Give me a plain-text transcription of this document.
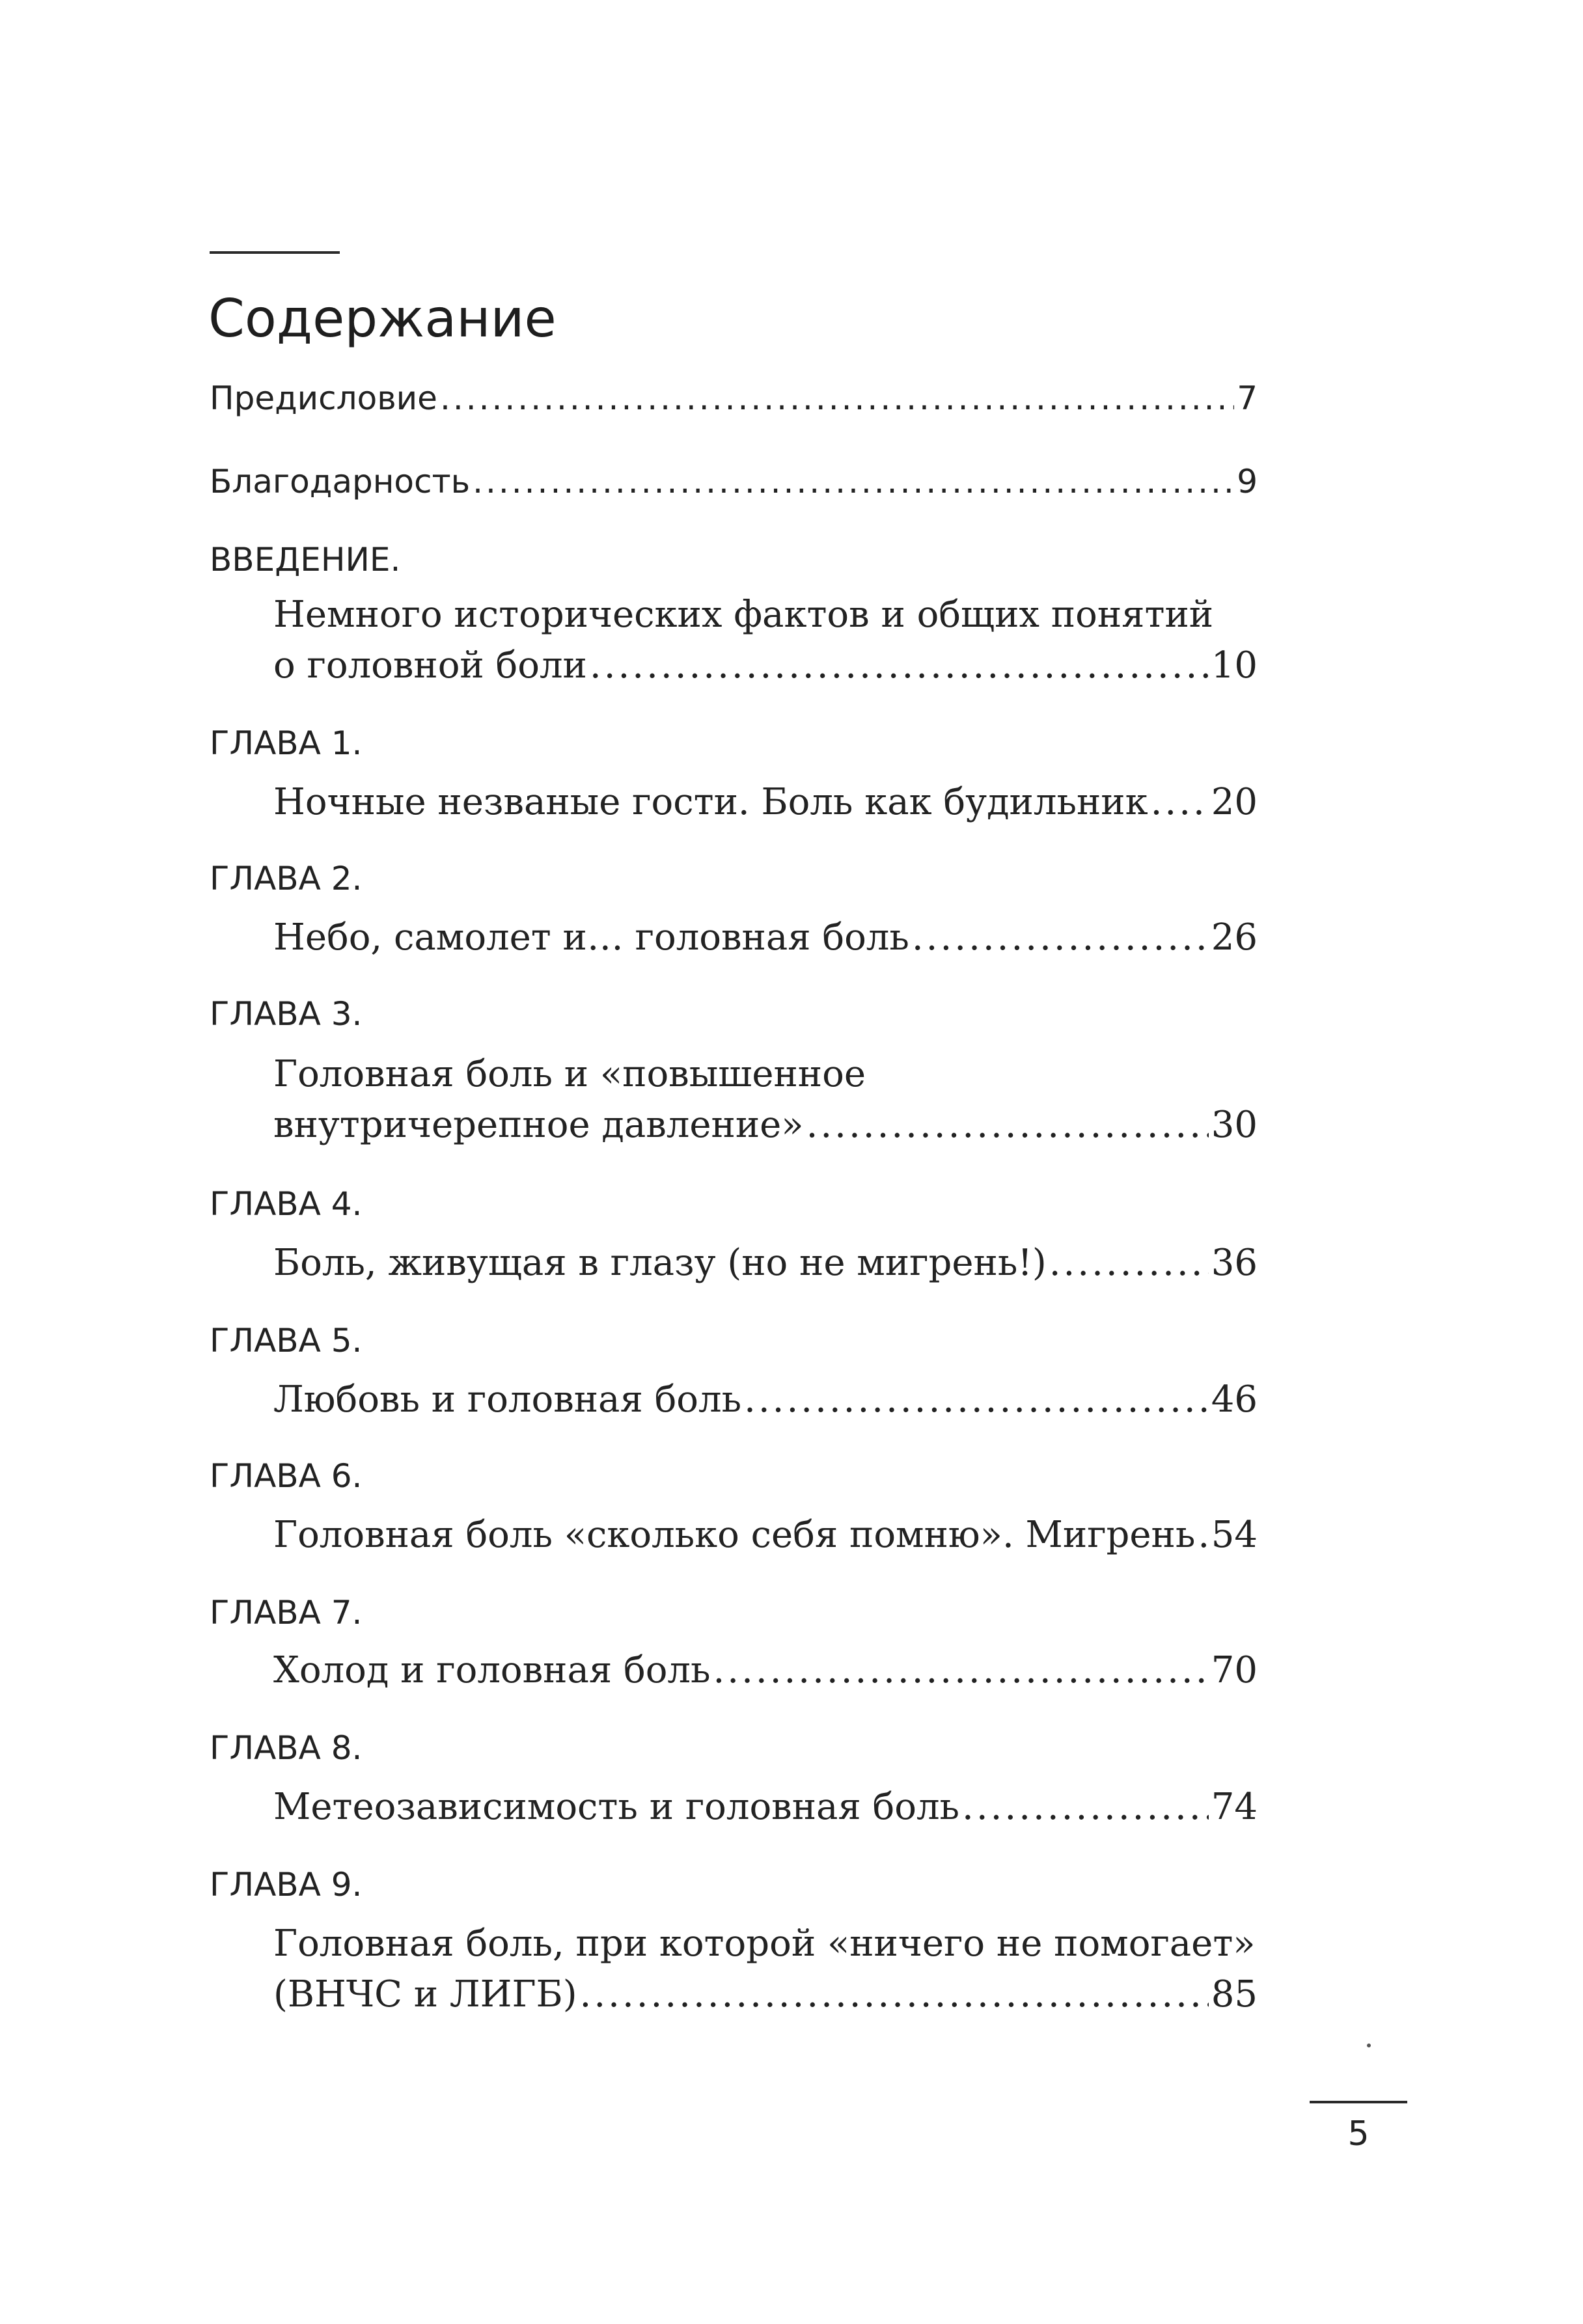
Содержание
Предисловие .....	7
Благодарность .....	9
ВВЕДЕНИЕ.
Немного исторических фактов и общих понятий
о головной боли .....	10
ГЛАВА 1.
Ночные незваные гости. Боль как будильник ..... 20
ГЛАВА 2.
Небо, самолет и… головная боль .....	26
ГЛАВА 3.
Головная боль и «повышенное
внутричерепное давление» .....	30
ГЛАВА 4.
Боль, живущая в глазу (но не мигрень!) .....	36
ГЛАВА 5.
Любовь и головная боль .....	46
ГЛАВА 6.
Головная боль «сколько себя помню». Мигрень ..... 54
ГЛАВА 7.
Холод и головная боль .....	70
ГЛАВА 8.
Метеозависимость и головная боль .....	74
ГЛАВА 9.
Головная боль, при которой «ничего не помогает»
(ВНЧС и ЛИГБ) .....	85
5
